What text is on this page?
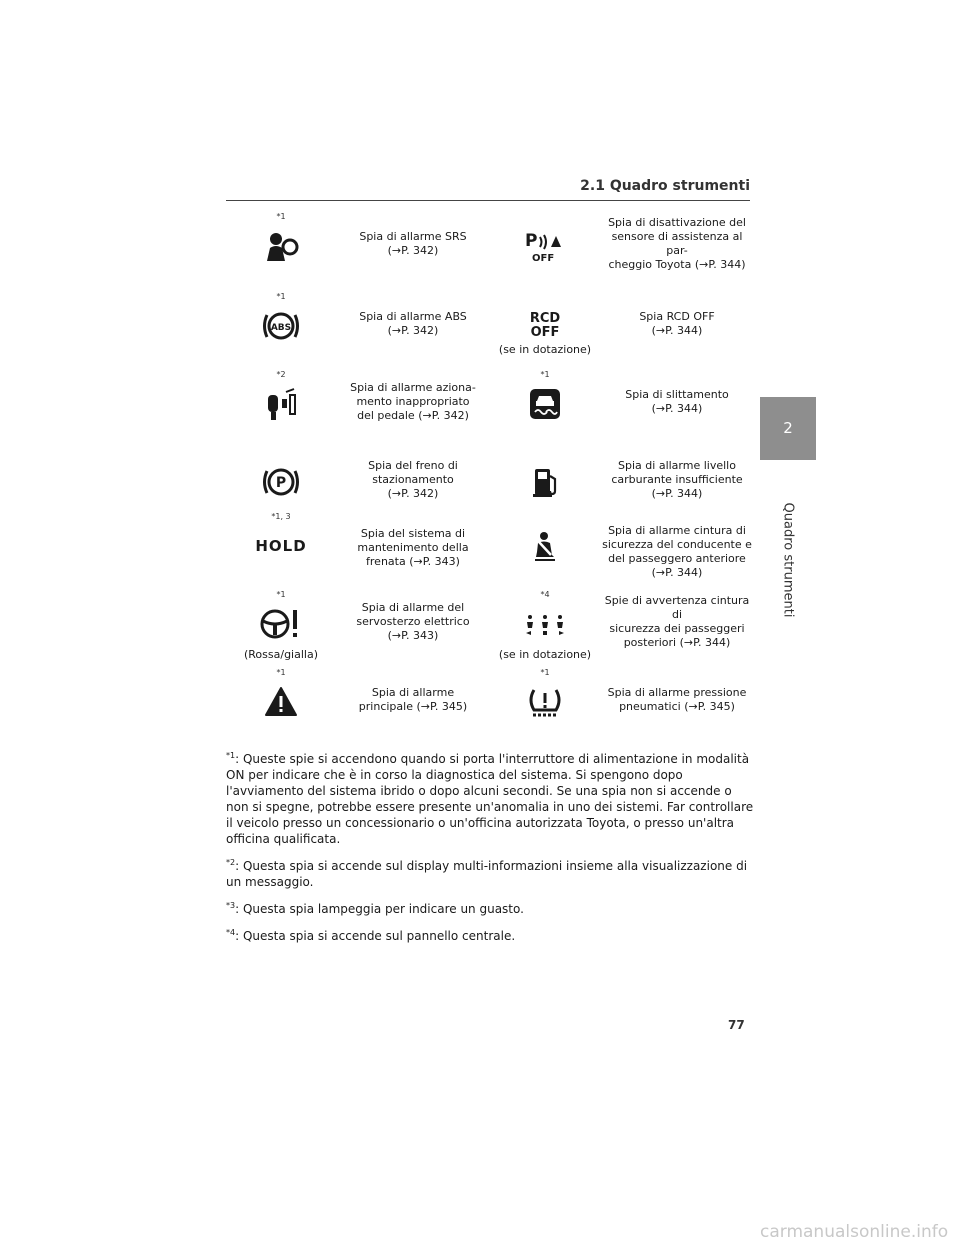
2.1 Quadro strumenti
2
Quadro strumenti
*1
Spia di allarme SRS
(→P. 342)	P
OFF
Spia di disattivazione del
sensore di assistenza al par-
cheggio Toyota (→P. 344)
*1
ABS
Spia di allarme ABS
(→P. 342)
RCD
OFF
(se in dotazione)
Spia RCD OFF
(→P. 344)
*2
Spia di allarme aziona-
mento inappropriato
del pedale (→P. 342)
*1
Spia di slittamento
(→P. 344)
P
Spia del freno di
stazionamento
(→P. 342)
Spia di allarme livello
carburante insufficiente
(→P. 344)
*1, 3
HOLD
Spia del sistema di
mantenimento della
frenata (→P. 343)
Spia di allarme cintura di
sicurezza del conducente e
del passeggero anteriore
(→P. 344)
*1
(Rossa/gialla)
Spia di allarme del
servosterzo elettrico
(→P. 343)
*4
(se in dotazione)
Spie di avvertenza cintura di
sicurezza dei passeggeri
posteriori (→P. 344)
*1
Spia di allarme
principale (→P. 345)
*1
Spia di allarme pressione
pneumatici (→P. 345)
$^{*1}$: Queste spie si accendono quando si porta l'interruttore di alimentazione in modalità ON per indicare che è in corso la diagnostica del sistema. Si spengono dopo l'avviamento del sistema ibrido o dopo alcuni secondi. Se una spia non si accende o non si spegne, potrebbe essere presente un'anomalia in uno dei sistemi. Far controllare il veicolo presso un concessionario o un'officina autorizzata Toyota, o presso un'altra officina qualificata.
$^{*2}$: Questa spia si accende sul display multi-informazioni insieme alla visualizzazione di un messaggio.
$^{*3}$: Questa spia lampeggia per indicare un guasto.
$^{*4}$: Questa spia si accende sul pannello centrale.
77
carmanualsonline.info
